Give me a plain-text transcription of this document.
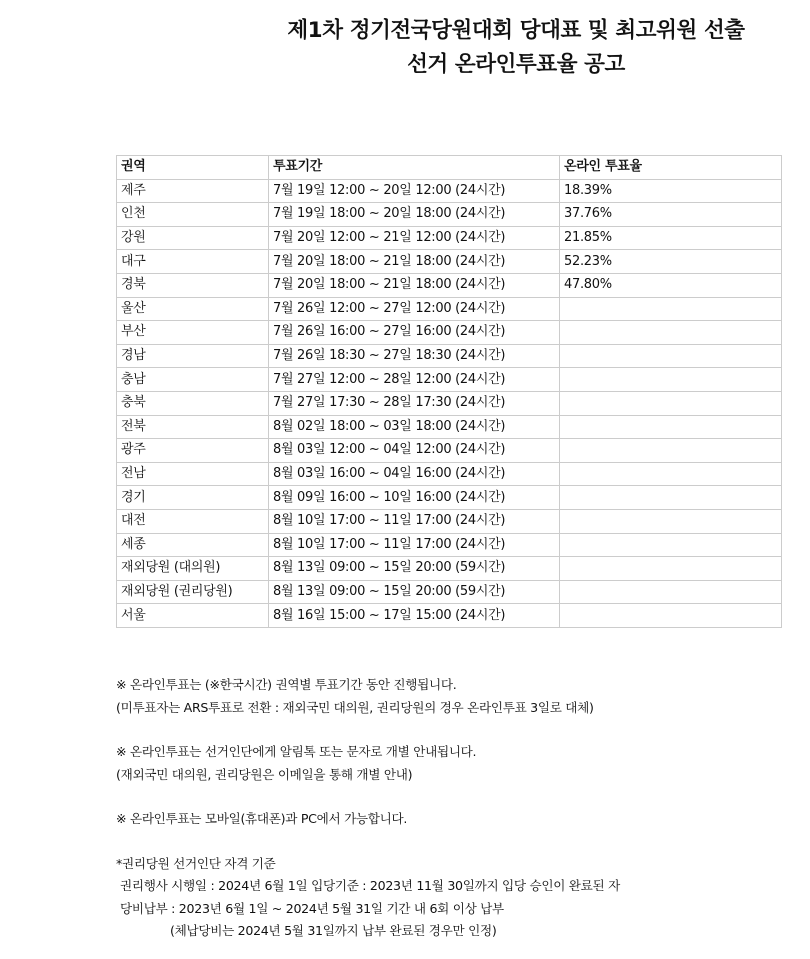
제1차 정기전국당원대회 당대표 및 최고위원 선출
선거 온라인투표율 공고
권역	투표기간	온라인 투표율
제주	7월 19일 12:00 ~ 20일 12:00 (24시간)	18.39%
인천	7월 19일 18:00 ~ 20일 18:00 (24시간)	37.76%
강원	7월 20일 12:00 ~ 21일 12:00 (24시간)	21.85%
대구	7월 20일 18:00 ~ 21일 18:00 (24시간)	52.23%
경북	7월 20일 18:00 ~ 21일 18:00 (24시간)	47.80%
울산	7월 26일 12:00 ~ 27일 12:00 (24시간)	
부산	7월 26일 16:00 ~ 27일 16:00 (24시간)	
경남	7월 26일 18:30 ~ 27일 18:30 (24시간)	
충남	7월 27일 12:00 ~ 28일 12:00 (24시간)	
충북	7월 27일 17:30 ~ 28일 17:30 (24시간)	
전북	8월 02일 18:00 ~ 03일 18:00 (24시간)	
광주	8월 03일 12:00 ~ 04일 12:00 (24시간)	
전남	8월 03일 16:00 ~ 04일 16:00 (24시간)	
경기	8월 09일 16:00 ~ 10일 16:00 (24시간)	
대전	8월 10일 17:00 ~ 11일 17:00 (24시간)	
세종	8월 10일 17:00 ~ 11일 17:00 (24시간)	
재외당원 (대의원)	8월 13일 09:00 ~ 15일 20:00 (59시간)	
재외당원 (권리당원)	8월 13일 09:00 ~ 15일 20:00 (59시간)	
서울	8월 16일 15:00 ~ 17일 15:00 (24시간)	
※ 온라인투표는 (※한국시간) 권역별 투표기간 동안 진행됩니다.
(미투표자는 ARS투표로 전환 : 재외국민 대의원, 권리당원의 경우 온라인투표 3일로 대체)
※ 온라인투표는 선거인단에게 알림톡 또는 문자로 개별 안내됩니다.
(재외국민 대의원, 권리당원은 이메일을 통해 개별 안내)
※ 온라인투표는 모바일(휴대폰)과 PC에서 가능합니다.
*권리당원 선거인단 자격 기준
권리행사 시행일 : 2024년 6월 1일 입당기준 : 2023년 11월 30일까지 입당 승인이 완료된 자
당비납부 : 2023년 6월 1일 ~ 2024년 5월 31일 기간 내 6회 이상 납부
(체납당비는 2024년 5월 31일까지 납부 완료된 경우만 인정)
